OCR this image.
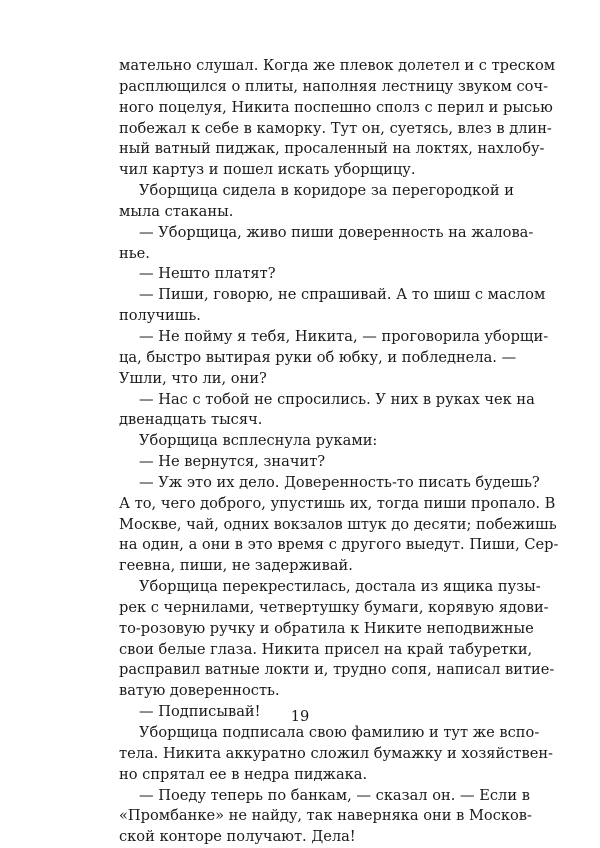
мательно слушал. Когда же плевок долетел и с треском
расплющился о плиты, наполняя лестницу звуком соч-
ного поцелуя, Никита поспешно сполз с перил и рысью
побежал к себе в каморку. Тут он, суетясь, влез в длин-
ный ватный пиджак, просаленный на локтях, нахлобу-
чил картуз и пошел искать уборщицу.
Уборщица сидела в коридоре за перегородкой и
мыла стаканы.
— Уборщица, живо пиши доверенность на жалова-
нье.
— Нешто платят?
— Пиши, говорю, не спрашивай. А то шиш с маслом
получишь.
— Не пойму я тебя, Никита, — проговорила уборщи-
ца, быстро вытирая руки об юбку, и побледнела. —
Ушли, что ли, они?
— Нас с тобой не спросились. У них в руках чек на
двенадцать тысяч.
Уборщица всплеснула руками:
— Не вернутся, значит?
— Уж это их дело. Доверенность-то писать будешь?
А то, чего доброго, упустишь их, тогда пиши пропало. В
Москве, чай, одних вокзалов штук до десяти; побежишь
на один, а они в это время с другого выедут. Пиши, Сер-
геевна, пиши, не задерживай.
Уборщица перекрестилась, достала из ящика пузы-
рек с чернилами, четвертушку бумаги, корявую ядови-
то-розовую ручку и обратила к Никите неподвижные
свои белые глаза. Никита присел на край табуретки,
расправил ватные локти и, трудно сопя, написал витие-
ватую доверенность.
— Подписывай!
Уборщица подписала свою фамилию и тут же вспо-
тела. Никита аккуратно сложил бумажку и хозяйствен-
но спрятал ее в недра пиджака.
— Поеду теперь по банкам, — сказал он. — Если в
«Промбанке» не найду, так наверняка они в Москов-
ской конторе получают. Дела!
19
